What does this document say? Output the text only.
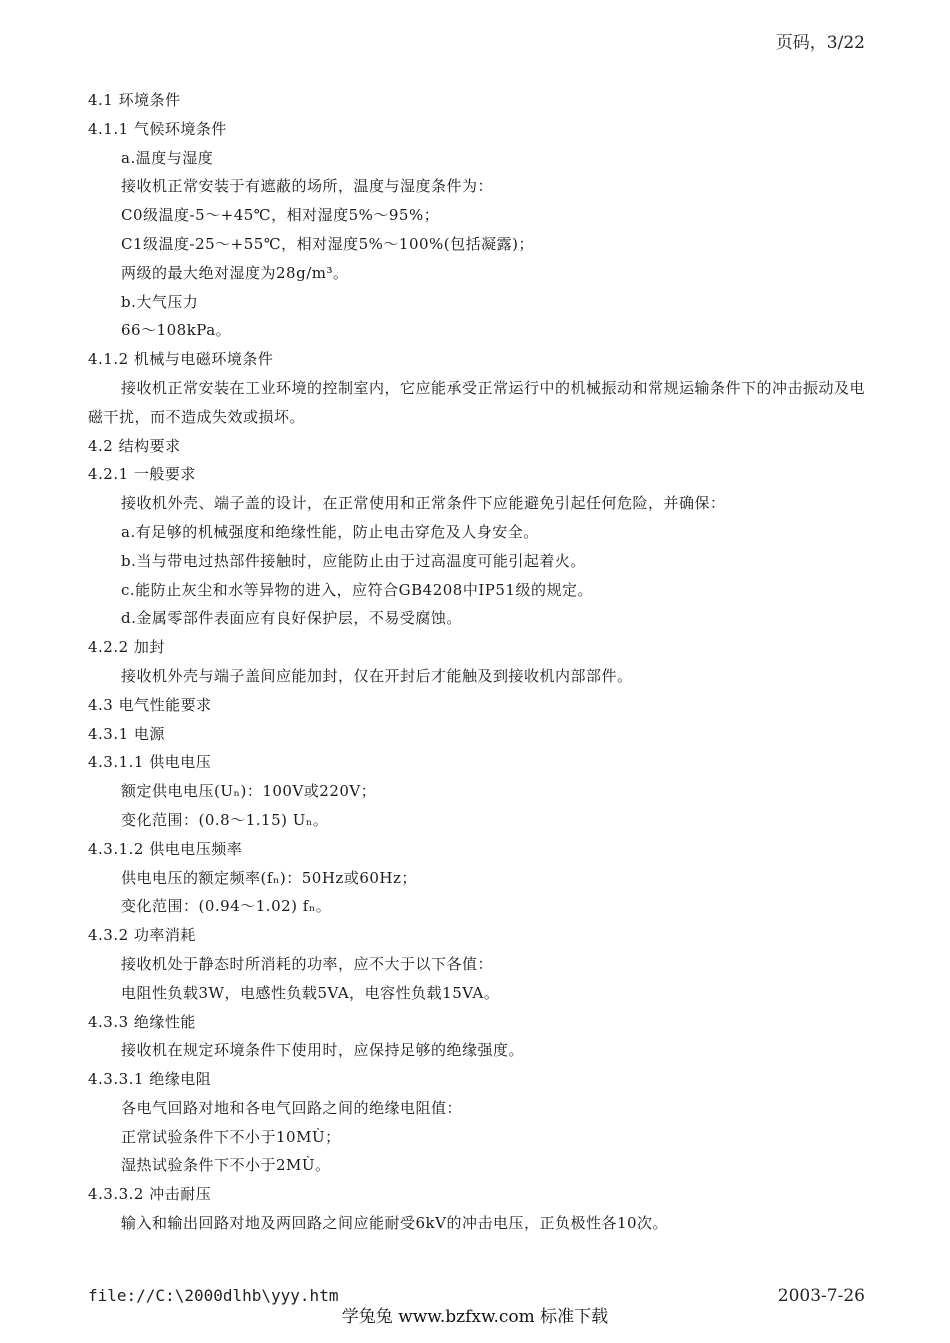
页码，3/22
4.1 环境条件
4.1.1 气候环境条件
a.温度与湿度
接收机正常安装于有遮蔽的场所，温度与湿度条件为：
C0级温度-5～+45℃，相对湿度5%～95%；
C1级温度-25～+55℃，相对湿度5%～100%(包括凝露)；
两级的最大绝对湿度为28g/m³。
b.大气压力
66～108kPa。
4.1.2 机械与电磁环境条件
接收机正常安装在工业环境的控制室内，它应能承受正常运行中的机械振动和常规运输条件下的冲击振动及电磁干扰，而不造成失效或损坏。
4.2 结构要求
4.2.1 一般要求
接收机外壳、端子盖的设计，在正常使用和正常条件下应能避免引起任何危险，并确保：
a.有足够的机械强度和绝缘性能，防止电击穿危及人身安全。
b.当与带电过热部件接触时，应能防止由于过高温度可能引起着火。
c.能防止灰尘和水等异物的进入，应符合GB4208中IP51级的规定。
d.金属零部件表面应有良好保护层，不易受腐蚀。
4.2.2 加封
接收机外壳与端子盖间应能加封，仅在开封后才能触及到接收机内部部件。
4.3 电气性能要求
4.3.1 电源
4.3.1.1 供电电压
额定供电电压(Uₙ)：100V或220V；
变化范围：(0.8～1.15) Uₙ。
4.3.1.2 供电电压频率
供电电压的额定频率(fₙ)：50Hz或60Hz；
变化范围：(0.94～1.02) fₙ。
4.3.2 功率消耗
接收机处于静态时所消耗的功率，应不大于以下各值：
电阻性负载3W，电感性负载5VA，电容性负载15VA。
4.3.3 绝缘性能
接收机在规定环境条件下使用时，应保持足够的绝缘强度。
4.3.3.1 绝缘电阻
各电气回路对地和各电气回路之间的绝缘电阻值：
正常试验条件下不小于10MÙ；
湿热试验条件下不小于2MÙ。
4.3.3.2 冲击耐压
输入和输出回路对地及两回路之间应能耐受6kV的冲击电压，正负极性各10次。
file://C:\2000dlhb\yyy.htm	2003-7-26
学兔兔 www.bzfxw.com 标准下载
